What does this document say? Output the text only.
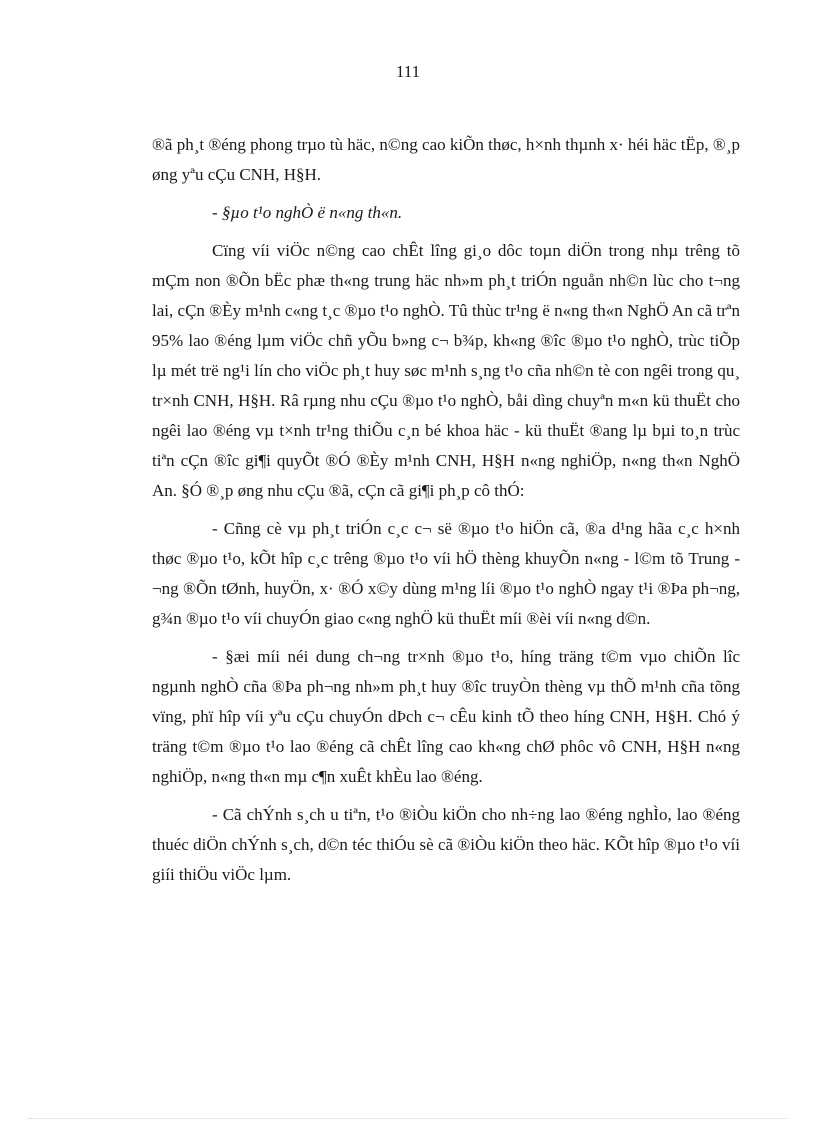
111

®ã ph¸t ®éng phong trµo tù häc, n©ng cao kiÕn thøc, h×nh thµnh x· héi häc tËp, ®¸p øng yªu cÇu CNH, H§H.

- §µo t¹o nghÒ ë n«ng th«n.

Cïng víi viÖc n©ng cao chÊt lîng gi¸o dôc toµn diÖn trong nhµ trêng tõ mÇm non ®Õn bËc phæ th«ng trung häc nh»m ph¸t triÓn nguån nh©n lùc cho t¬ng lai, cÇn ®Èy m¹nh c«ng t¸c ®µo t¹o nghÒ. Tû thùc tr¹ng ë n«ng th«n NghÖ An cã trªn 95% lao ®éng lµm viÖc chñ yÕu b»ng c¬ b¾p, kh«ng ®îc ®µo t¹o nghÒ, trùc tiÕp lµ mét trë ng¹i lín cho viÖc ph¸t huy søc m¹nh s¸ng t¹o cña nh©n tè con ngêi trong qu¸ tr×nh CNH, H§H. Râ rµng nhu cÇu ®µo t¹o nghÒ, båi dìng chuyªn m«n kü thuËt cho ngêi lao ®éng vµ t×nh tr¹ng thiÕu c¸n bé khoa häc - kü thuËt ®ang lµ bµi to¸n trùc tiªn cÇn ®îc gi¶i quyÕt ®Ó ®Èy m¹nh CNH, H§H n«ng nghiÖp, n«ng th«n NghÖ An. §Ó ®¸p øng nhu cÇu ®ã, cÇn cã gi¶i ph¸p cô thÓ:

- Cñng cè vµ ph¸t triÓn c¸c c¬ së ®µo t¹o hiÖn cã, ®a d¹ng hãa c¸c h×nh thøc ®µo t¹o, kÕt hîp c¸c trêng ®µo t¹o víi hÖ thèng khuyÕn n«ng - l©m tõ Trung ¬ng ®Õn tØnh, huyÖn, x· ®Ó x©y dùng m¹ng líi ®µo t¹o nghÒ ngay t¹i ®Þa ph¬ng, g¾n ®µo t¹o víi chuyÓn giao c«ng nghÖ kü thuËt míi ®èi víi n«ng d©n.

- §æi míi néi dung ch¬ng tr×nh ®µo t¹o, híng träng t©m vµo chiÕn lîc ngµnh nghÒ cña ®Þa ph¬ng nh»m ph¸t huy ®îc truyÒn thèng vµ thÕ m¹nh cña tõng vïng, phï hîp víi yªu cÇu chuyÓn dÞch c¬ cÊu kinh tÕ theo híng CNH, H§H. Chó ý träng t©m ®µo t¹o lao ®éng cã chÊt lîng cao kh«ng chØ phôc vô CNH, H§H n«ng nghiÖp, n«ng th«n mµ c¶n xuÊt khÈu lao ®éng.

- Cã chÝnh s¸ch u tiªn, t¹o ®iÒu kiÖn cho nh÷ng lao ®éng nghÌo, lao ®éng thuéc diÖn chÝnh s¸ch, d©n téc thiÓu sè cã ®iÒu kiÖn theo häc. KÕt hîp ®µo t¹o víi giíi thiÖu viÖc lµm.
